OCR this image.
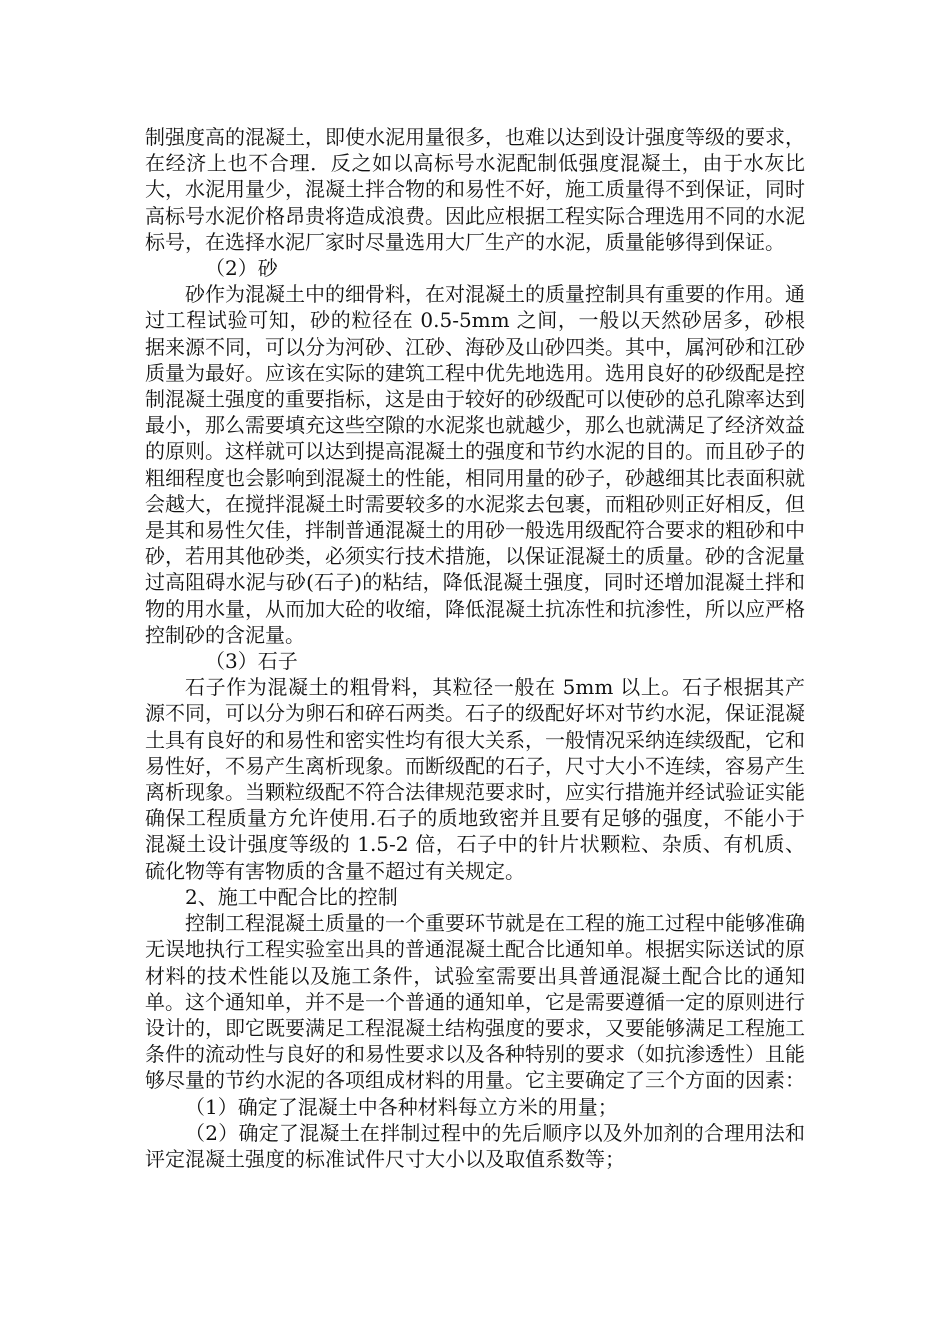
制强度高的混凝土，即使水泥用量很多，也难以达到设计强度等级的要求，在经济上也不合理．反之如以高标号水泥配制低强度混凝土，由于水灰比大，水泥用量少，混凝土拌合物的和易性不好，施工质量得不到保证，同时高标号水泥价格昂贵将造成浪费。因此应根据工程实际合理选用不同的水泥标号，在选择水泥厂家时尽量选用大厂生产的水泥，质量能够得到保证。

（2）砂

砂作为混凝土中的细骨料，在对混凝土的质量控制具有重要的作用。通过工程试验可知，砂的粒径在 0.5-5mm 之间，一般以天然砂居多，砂根据来源不同，可以分为河砂、江砂、海砂及山砂四类。其中，属河砂和江砂质量为最好。应该在实际的建筑工程中优先地选用。选用良好的砂级配是控制混凝土强度的重要指标，这是由于较好的砂级配可以使砂的总孔隙率达到最小，那么需要填充这些空隙的水泥浆也就越少，那么也就满足了经济效益的原则。这样就可以达到提高混凝土的强度和节约水泥的目的。而且砂子的粗细程度也会影响到混凝土的性能，相同用量的砂子，砂越细其比表面积就会越大，在搅拌混凝土时需要较多的水泥浆去包裹，而粗砂则正好相反，但是其和易性欠佳，拌制普通混凝土的用砂一般选用级配符合要求的粗砂和中砂，若用其他砂类，必须实行技术措施，以保证混凝土的质量。砂的含泥量过高阻碍水泥与砂(石子)的粘结，降低混凝土强度，同时还增加混凝土拌和物的用水量，从而加大砼的收缩，降低混凝土抗冻性和抗渗性，所以应严格控制砂的含泥量。

（3）石子

石子作为混凝土的粗骨料，其粒径一般在 5mm 以上。石子根据其产源不同，可以分为卵石和碎石两类。石子的级配好坏对节约水泥，保证混凝土具有良好的和易性和密实性均有很大关系，一般情况采纳连续级配，它和易性好，不易产生离析现象。而断级配的石子，尺寸大小不连续，容易产生离析现象。当颗粒级配不符合法律规范要求时，应实行措施并经试验证实能确保工程质量方允许使用.石子的质地致密并且要有足够的强度，不能小于混凝土设计强度等级的 1.5-2 倍，石子中的针片状颗粒、杂质、有机质、硫化物等有害物质的含量不超过有关规定。

2、施工中配合比的控制

控制工程混凝土质量的一个重要环节就是在工程的施工过程中能够准确无误地执行工程实验室出具的普通混凝土配合比通知单。根据实际送试的原材料的技术性能以及施工条件，试验室需要出具普通混凝土配合比的通知单。这个通知单，并不是一个普通的通知单，它是需要遵循一定的原则进行设计的，即它既要满足工程混凝土结构强度的要求，又要能够满足工程施工条件的流动性与良好的和易性要求以及各种特别的要求（如抗渗透性）且能够尽量的节约水泥的各项组成材料的用量。它主要确定了三个方面的因素：

（1）确定了混凝土中各种材料每立方米的用量；

（2）确定了混凝土在拌制过程中的先后顺序以及外加剂的合理用法和评定混凝土强度的标准试件尺寸大小以及取值系数等；
